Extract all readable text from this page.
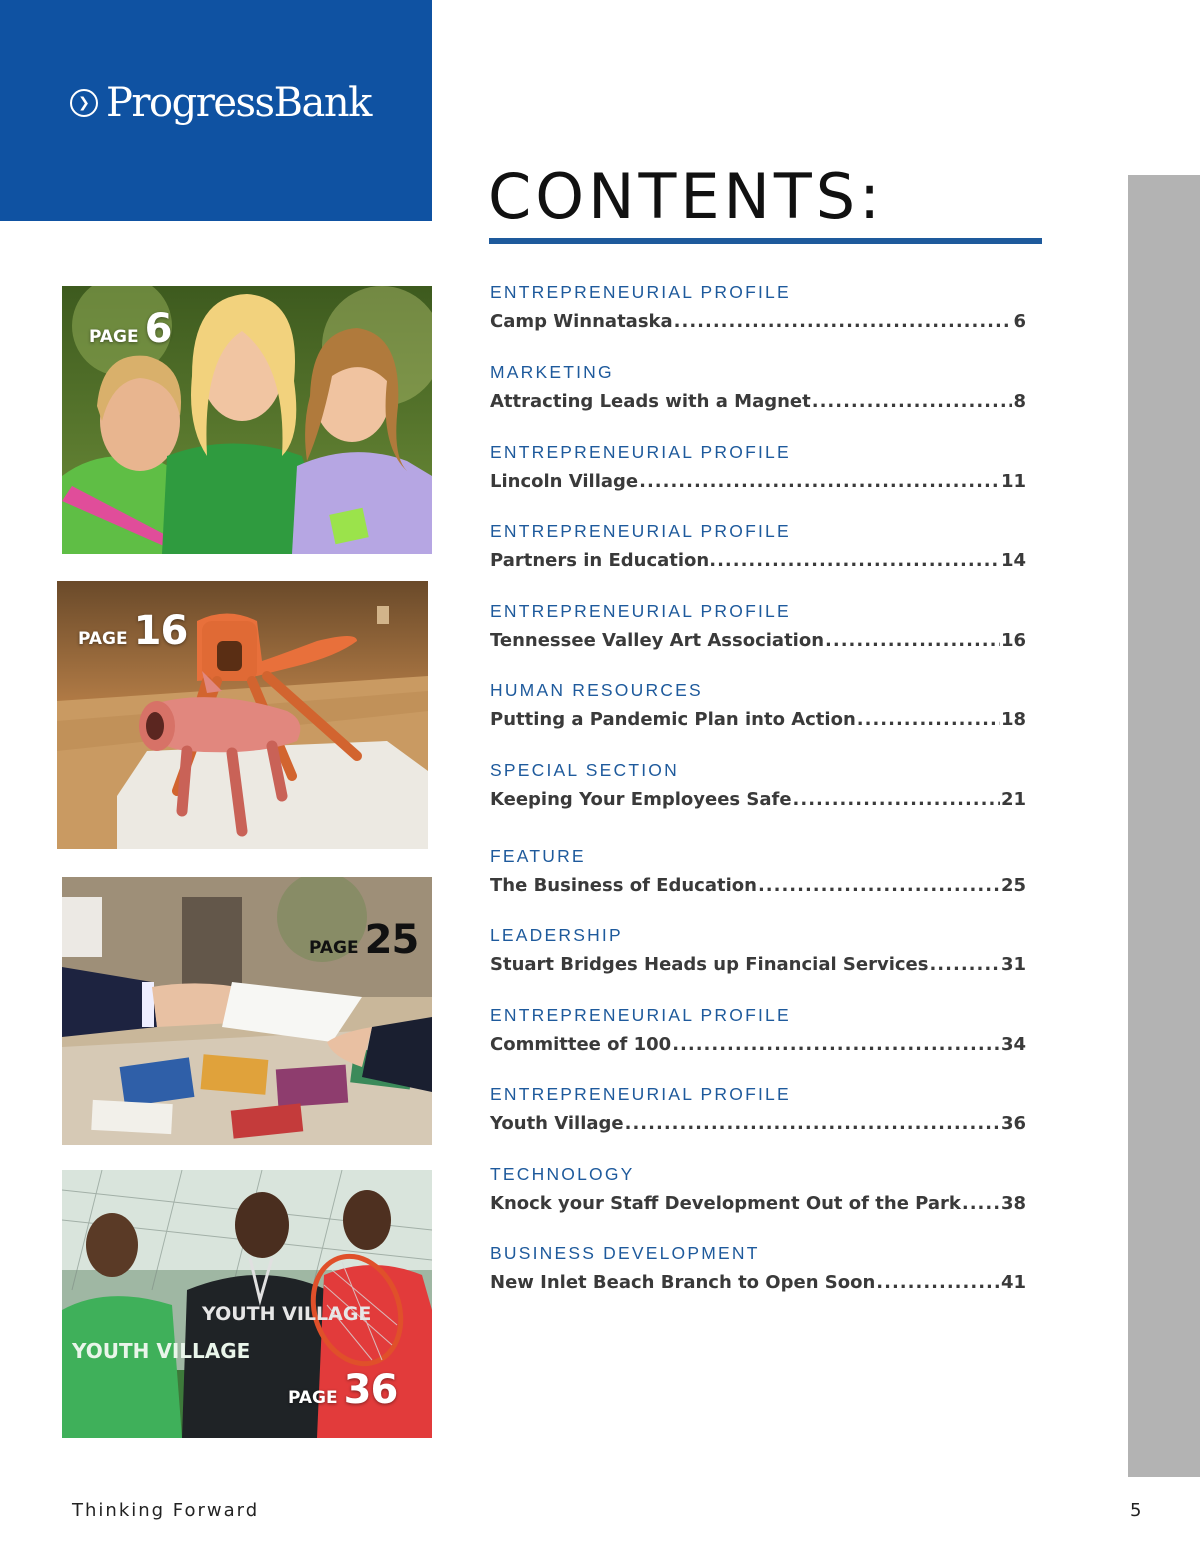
❯ ProgressBank
CONTENTS:
ENTREPRENEURIAL PROFILE
Camp Winnataska .....	6
MARKETING
Attracting Leads with a Magnet .....	8
ENTREPRENEURIAL PROFILE
Lincoln Village .....	11
ENTREPRENEURIAL PROFILE
Partners in Education. .....	14
ENTREPRENEURIAL PROFILE
Tennessee Valley Art Association .....	16
HUMAN RESOURCES
Putting a Pandemic Plan into Action .....	18
SPECIAL SECTION
Keeping Your Employees Safe .....	21
FEATURE
The Business of Education .....	25
LEADERSHIP
Stuart Bridges Heads up Financial Services .....	31
ENTREPRENEURIAL PROFILE
Committee of 100 .....	34
ENTREPRENEURIAL PROFILE
Youth Village .....	36
TECHNOLOGY
Knock your Staff Development Out of the Park ..... 38
BUSINESS DEVELOPMENT
New Inlet Beach Branch to Open Soon .....	41
PAGE 6
PAGE 16
PAGE 25
YOUTH VILLAGE
YOUTH VILLAGE
PAGE 36
Thinking Forward	5
